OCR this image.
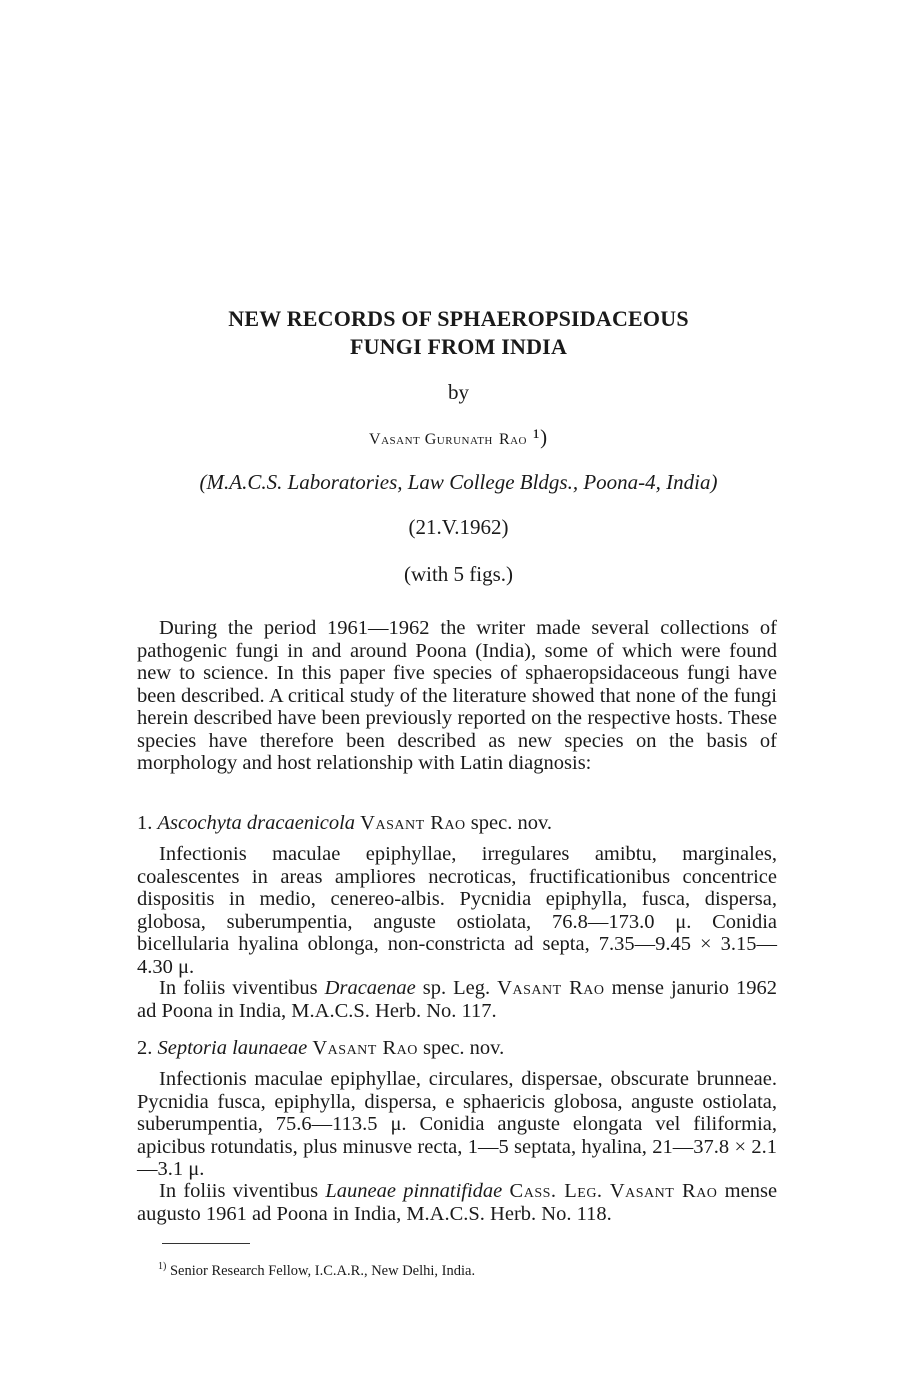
NEW RECORDS OF SPHAEROPSIDACEOUS
FUNGI FROM INDIA
by
Vasant Gurunath Rao ¹)
(M.A.C.S. Laboratories, Law College Bldgs., Poona-4, India)
(21.V.1962)
(with 5 figs.)
During the period 1961—1962 the writer made several collections of pathogenic fungi in and around Poona (India), some of which were found new to science. In this paper five species of sphaeropsidaceous fungi have been described. A critical study of the literature showed that none of the fungi herein described have been previously reported on the respective hosts. These species have therefore been described as new species on the basis of morphology and host relationship with Latin diagnosis:
1. Ascochyta dracaenicola Vasant Rao spec. nov.
Infectionis maculae epiphyllae, irregulares amibtu, marginales, coalescentes in areas ampliores necroticas, fructificationibus concentrice dispositis in medio, cenereo-albis. Pycnidia epiphylla, fusca, dispersa, globosa, suberumpentia, anguste ostiolata, 76.8—173.0 μ. Conidia bicellularia hyalina oblonga, non-constricta ad septa, 7.35—9.45 × 3.15—4.30 μ.
In foliis viventibus Dracaenae sp. Leg. Vasant Rao mense janurio 1962 ad Poona in India, M.A.C.S. Herb. No. 117.
2. Septoria launaeae Vasant Rao spec. nov.
Infectionis maculae epiphyllae, circulares, dispersae, obscurate brunneae. Pycnidia fusca, epiphylla, dispersa, e sphaericis globosa, anguste ostiolata, suberumpentia, 75.6—113.5 μ. Conidia anguste elongata vel filiformia, apicibus rotundatis, plus minusve recta, 1—5 septata, hyalina, 21—37.8 × 2.1—3.1 μ.
In foliis viventibus Launeae pinnatifidae Cass. Leg. Vasant Rao mense augusto 1961 ad Poona in India, M.A.C.S. Herb. No. 118.
$^{1)}$ Senior Research Fellow, I.C.A.R., New Delhi, India.
